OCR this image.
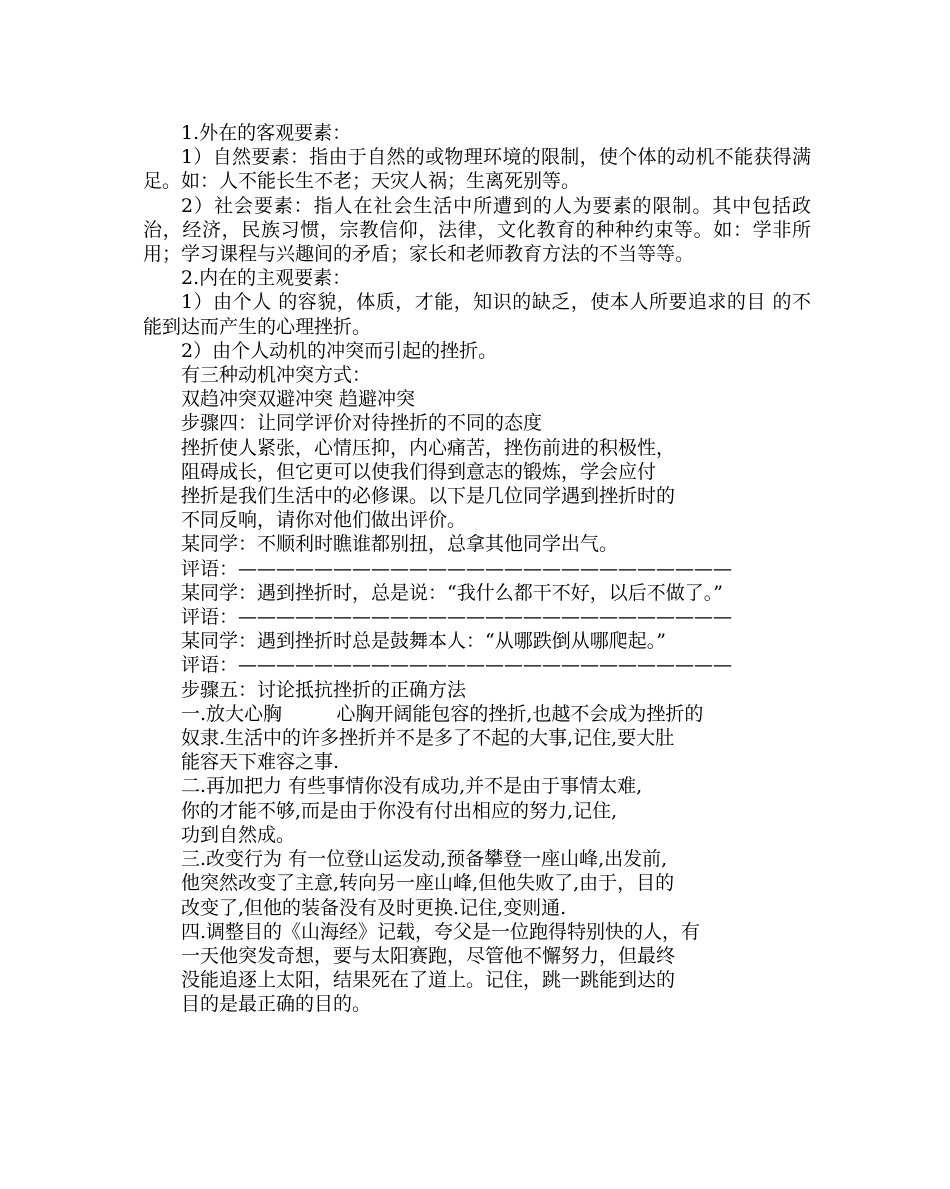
1.外在的客观要素：

1）自然要素：指由于自然的或物理环境的限制，使个体的动机不能获得满足。如：人不能长生不老；天灾人祸；生离死别等。

2）社会要素：指人在社会生活中所遭到的人为要素的限制。其中包括政治，经济，民族习惯，宗教信仰，法律，文化教育的种种约束等。如：学非所用；学习课程与兴趣间的矛盾；家长和老师教育方法的不当等等。

2.内在的主观要素：

1）由个人 的容貌，体质，才能，知识的缺乏，使本人所要追求的目 的不能到达而产生的心理挫折。

2）由个人动机的冲突而引起的挫折。

有三种动机冲突方式：

双趋冲突双避冲突 趋避冲突

步骤四：让同学评价对待挫折的不同的态度

挫折使人紧张，心情压抑，内心痛苦，挫伤前进的积极性，

阻碍成长，但它更可以使我们得到意志的锻炼，学会应付

挫折是我们生活中的必修课。以下是几位同学遇到挫折时的

不同反响，请你对他们做出评价。

某同学：不顺利时瞧谁都别扭，总拿其他同学出气。

评语：——————————————————————————

某同学：遇到挫折时，总是说：“我什么都干不好，以后不做了。”

评语：——————————————————————————

某同学：遇到挫折时总是鼓舞本人：“从哪跌倒从哪爬起。”

评语：——————————————————————————

步骤五：讨论抵抗挫折的正确方法

一.放大心胸         心胸开阔能包容的挫折,也越不会成为挫折的

奴隶.生活中的许多挫折并不是多了不起的大事,记住,要大肚

能容天下难容之事.

二.再加把力 有些事情你没有成功,并不是由于事情太难,

你的才能不够,而是由于你没有付出相应的努力,记住,

功到自然成。

三.改变行为 有一位登山运发动,预备攀登一座山峰,出发前,

他突然改变了主意,转向另一座山峰,但他失败了,由于，目的

改变了,但他的装备没有及时更换.记住,变则通.

四.调整目的《山海经》记载，夸父是一位跑得特别快的人，有

一天他突发奇想，要与太阳赛跑，尽管他不懈努力，但最终

没能追逐上太阳，结果死在了道上。记住，跳一跳能到达的

目的是最正确的目的。
